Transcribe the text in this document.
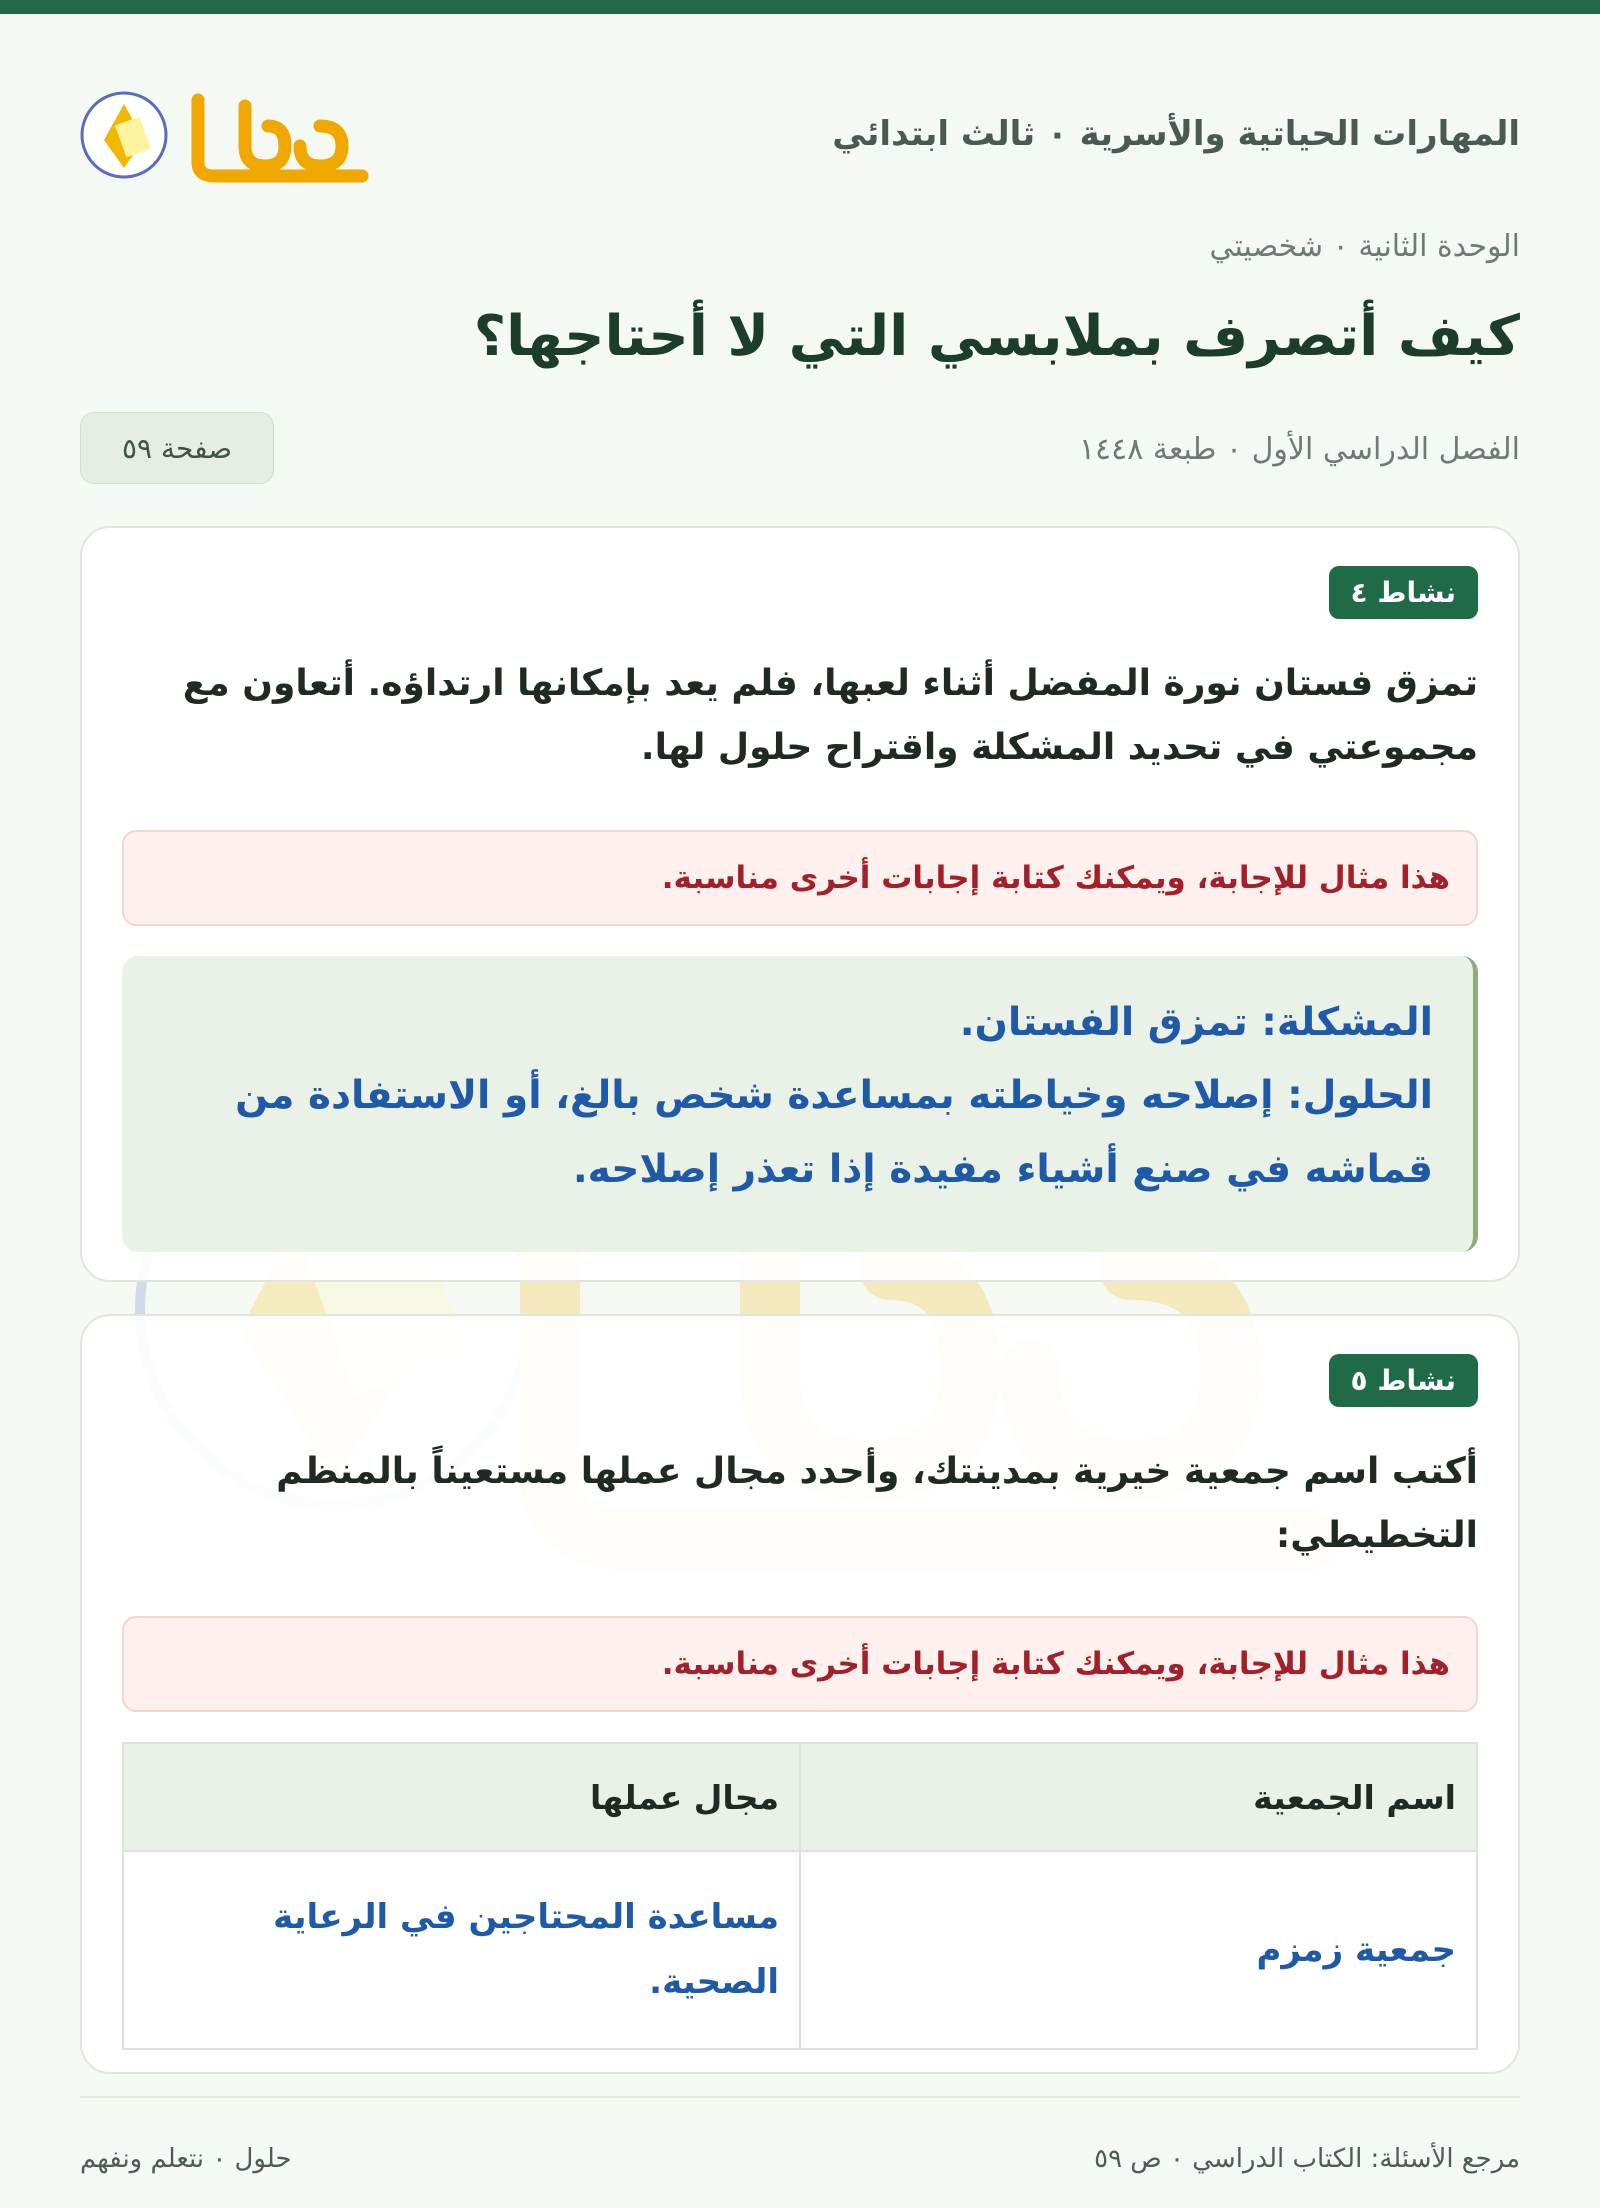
المهارات الحياتية والأسرية ٠ ثالث ابتدائي
الوحدة الثانية ٠ شخصيتي
كيف أتصرف بملابسي التي لا أحتاجها؟
الفصل الدراسي الأول ٠ طبعة ١٤٤٨
صفحة ٥٩
نشاط ٤

تمزق فستان نورة المفضل أثناء لعبها، فلم يعد بإمكانها ارتداؤه. أتعاون مع مجموعتي في تحديد المشكلة واقتراح حلول لها.

هذا مثال للإجابة، ويمكنك كتابة إجابات أخرى مناسبة.

المشكلة: تمزق الفستان.

الحلول: إصلاحه وخياطته بمساعدة شخص بالغ، أو الاستفادة من قماشه في صنع أشياء مفيدة إذا تعذر إصلاحه.

نشاط ٥

أكتب اسم جمعية خيرية بمدينتك، وأحدد مجال عملها مستعيناً بالمنظم التخطيطي:

هذا مثال للإجابة، ويمكنك كتابة إجابات أخرى مناسبة.
اسم الجمعية	مجال عملها
جمعية زمزم	مساعدة المحتاجين في الرعاية الصحية.
مرجع الأسئلة: الكتاب الدراسي ٠ ص ٥٩
حلول ٠ نتعلم ونفهم
